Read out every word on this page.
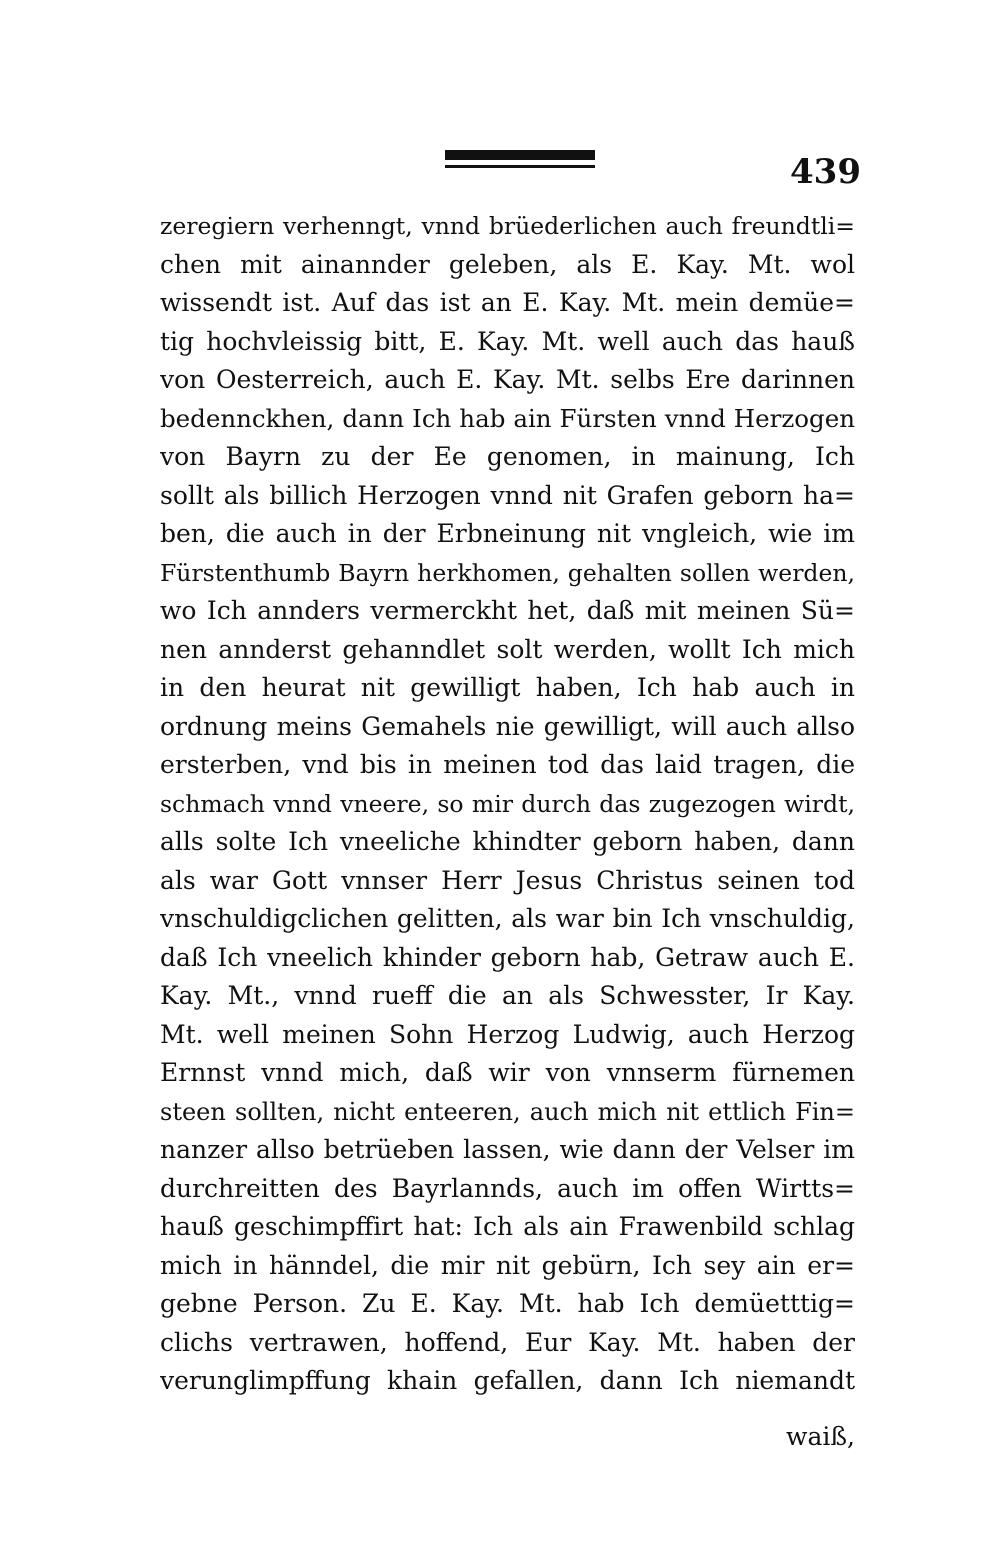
439
zeregiern verhenngt, vnnd brüederlichen auch freundtli=
chen mit ainannder geleben, als E. Kay. Mt. wol
wissendt ist. Auf das ist an E. Kay. Mt. mein demüe=
tig hochvleissig bitt, E. Kay. Mt. well auch das hauß
von Oesterreich, auch E. Kay. Mt. selbs Ere darinnen
bedennckhen, dann Ich hab ain Fürsten vnnd Herzogen
von Bayrn zu der Ee genomen, in mainung, Ich
sollt als billich Herzogen vnnd nit Grafen geborn ha=
ben, die auch in der Erbneinung nit vngleich, wie im
Fürstenthumb Bayrn herkhomen, gehalten sollen werden,
wo Ich annders vermerckht het, daß mit meinen Sü=
nen annderst gehanndlet solt werden, wollt Ich mich
in den heurat nit gewilligt haben, Ich hab auch in
ordnung meins Gemahels nie gewilligt, will auch allso
ersterben, vnd bis in meinen tod das laid tragen, die
schmach vnnd vneere, so mir durch das zugezogen wirdt,
alls solte Ich vneeliche khindter geborn haben, dann
als war Gott vnnser Herr Jesus Christus seinen tod
vnschuldigclichen gelitten, als war bin Ich vnschuldig,
daß Ich vneelich khinder geborn hab, Getraw auch E.
Kay. Mt., vnnd rueff die an als Schwesster, Ir Kay.
Mt. well meinen Sohn Herzog Ludwig, auch Herzog
Ernnst vnnd mich, daß wir von vnnserm fürnemen
steen sollten, nicht enteeren, auch mich nit ettlich Fin=
nanzer allso betrüeben lassen, wie dann der Velser im
durchreitten des Bayrlannds, auch im offen Wirtts=
hauß geschimpffirt hat: Ich als ain Frawenbild schlag
mich in hänndel, die mir nit gebürn, Ich sey ain er=
gebne Person. Zu E. Kay. Mt. hab Ich demüetttig=
clichs vertrawen, hoffend, Eur Kay. Mt. haben der
verunglimpffung khain gefallen, dann Ich niemandt
waiß,
